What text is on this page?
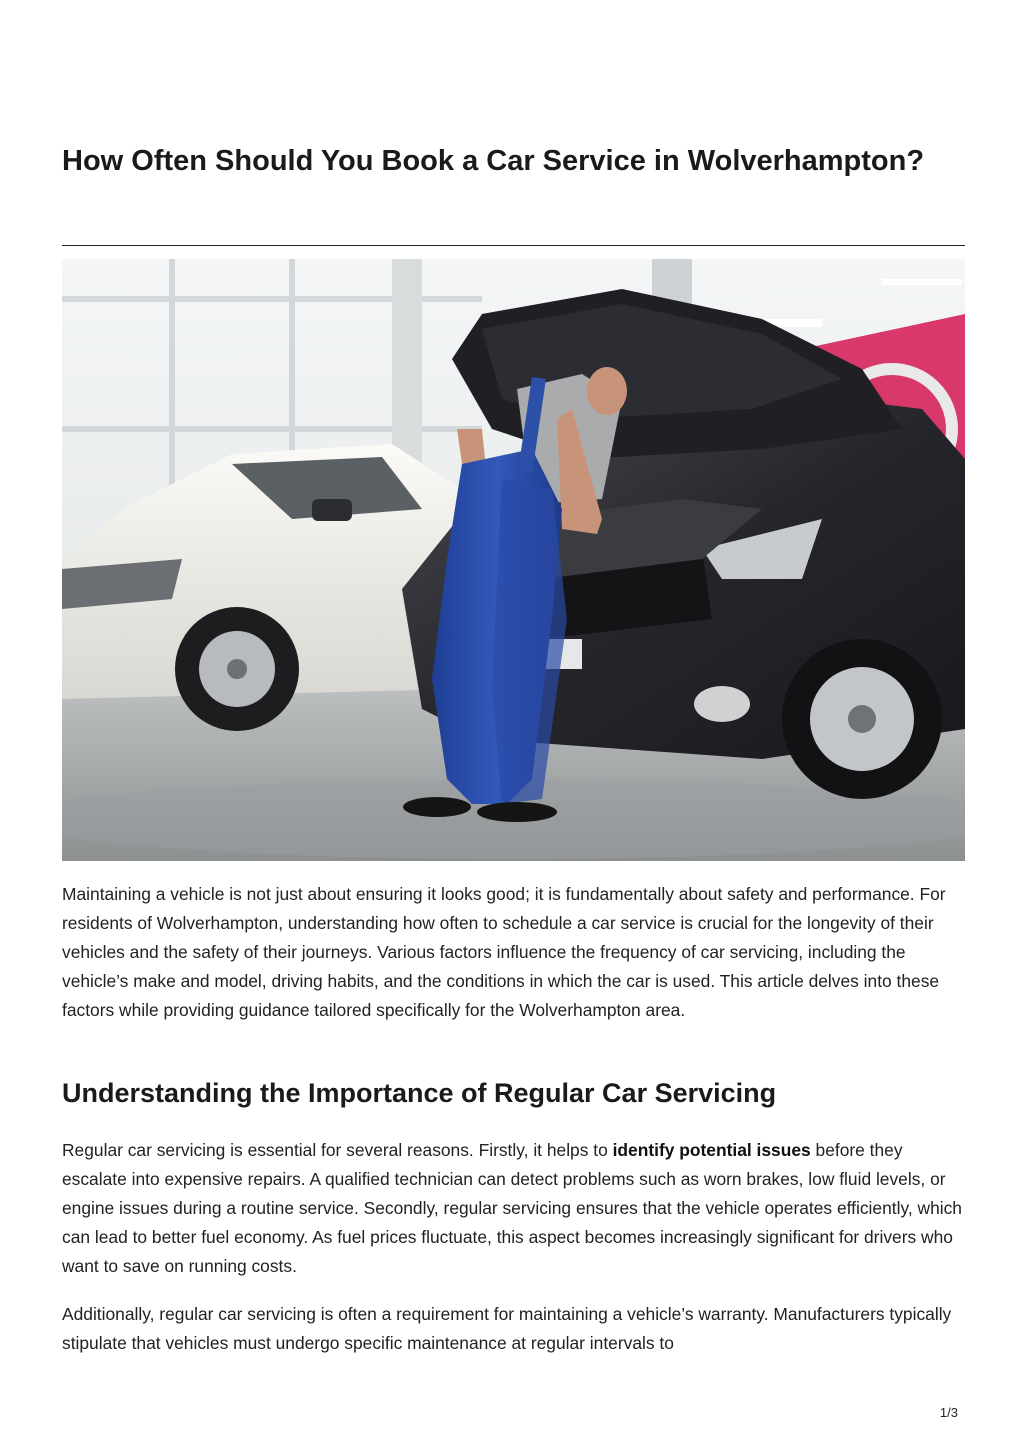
How Often Should You Book a Car Service in Wolverhampton?

Maintaining a vehicle is not just about ensuring it looks good; it is fundamentally about safety and performance. For residents of Wolverhampton, understanding how often to schedule a car service is crucial for the longevity of their vehicles and the safety of their journeys. Various factors influence the frequency of car servicing, including the vehicle’s make and model, driving habits, and the conditions in which the car is used. This article delves into these factors while providing guidance tailored specifically for the Wolverhampton area.

Understanding the Importance of Regular Car Servicing

Regular car servicing is essential for several reasons. Firstly, it helps to identify potential issues before they escalate into expensive repairs. A qualified technician can detect problems such as worn brakes, low fluid levels, or engine issues during a routine service. Secondly, regular servicing ensures that the vehicle operates efficiently, which can lead to better fuel economy. As fuel prices fluctuate, this aspect becomes increasingly significant for drivers who want to save on running costs.

Additionally, regular car servicing is often a requirement for maintaining a vehicle’s warranty. Manufacturers typically stipulate that vehicles must undergo specific maintenance at regular intervals to

1/3
